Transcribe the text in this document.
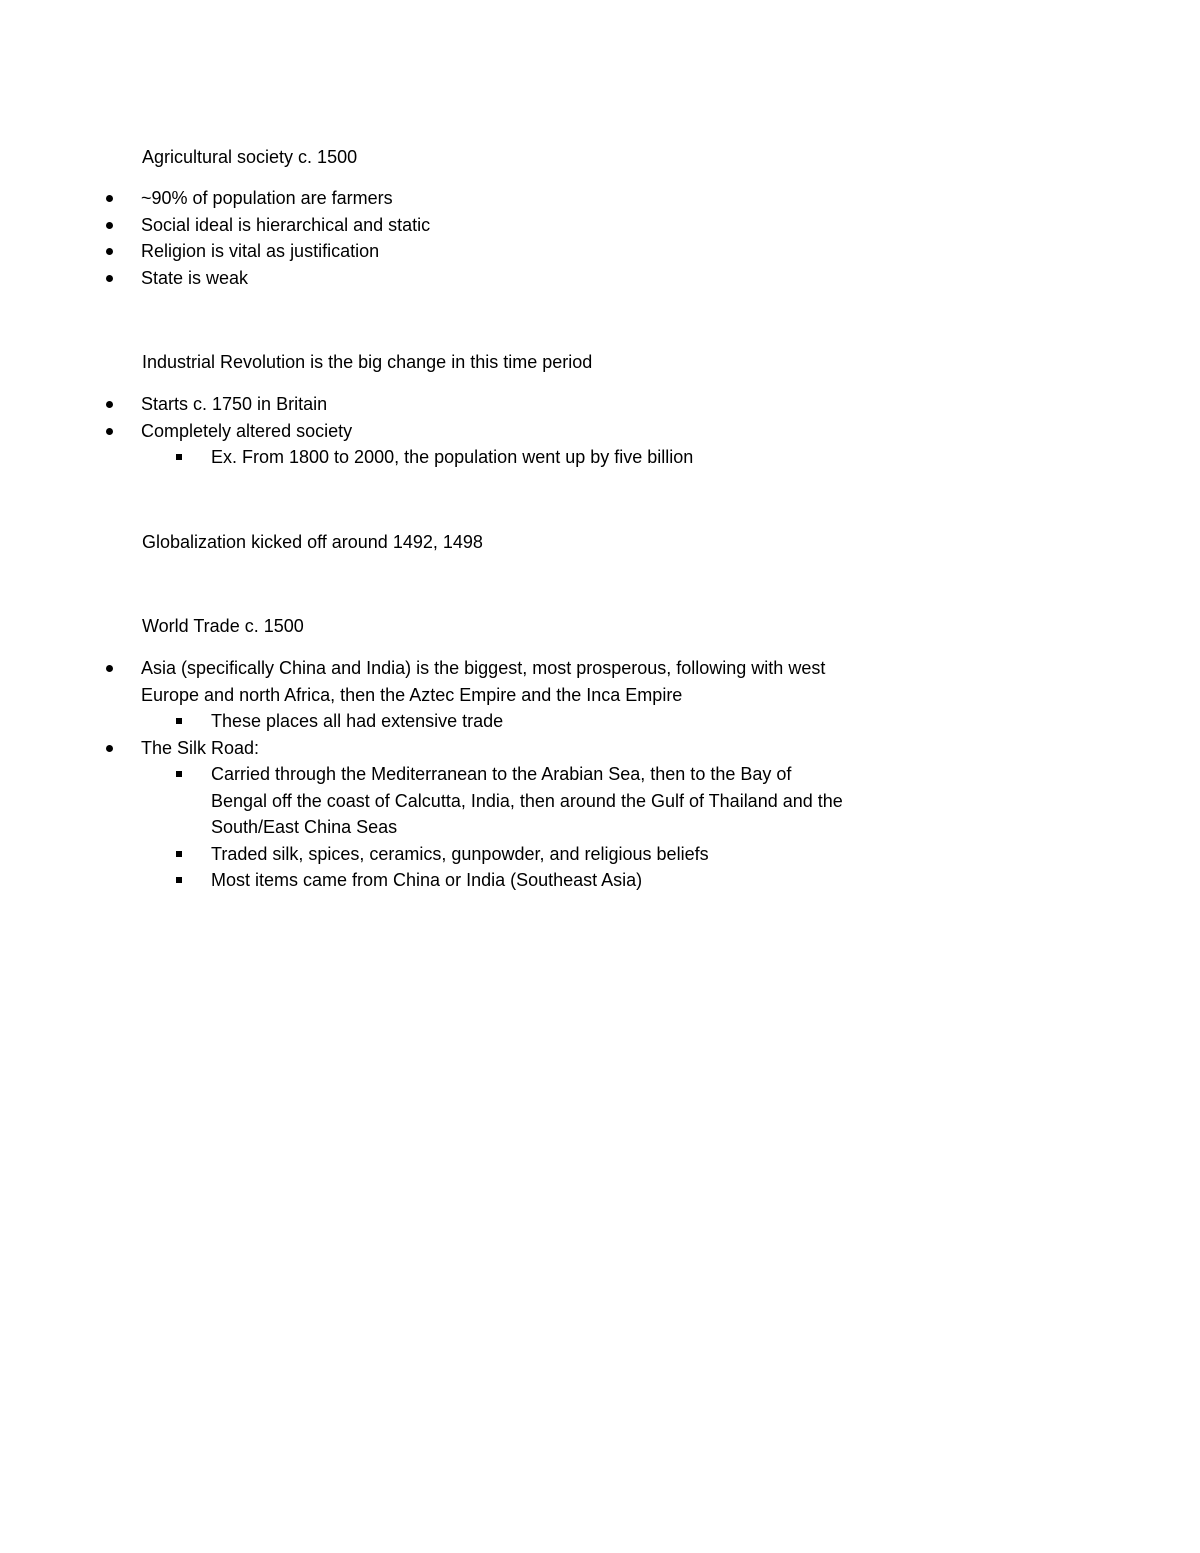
Agricultural society c. 1500

~90% of population are farmers
Social ideal is hierarchical and static
Religion is vital as justification
State is weak

Industrial Revolution is the big change in this time period

Starts c. 1750 in Britain
Completely altered society
Ex. From 1800 to 2000, the population went up by five billion

Globalization kicked off around 1492, 1498

World Trade c. 1500

Asia (specifically China and India) is the biggest, most prosperous, following with west
Europe and north Africa, then the Aztec Empire and the Inca Empire
These places all had extensive trade
The Silk Road:
Carried through the Mediterranean to the Arabian Sea, then to the Bay of
Bengal off the coast of Calcutta, India, then around the Gulf of Thailand and the
South/East China Seas
Traded silk, spices, ceramics, gunpowder, and religious beliefs
Most items came from China or India (Southeast Asia)
